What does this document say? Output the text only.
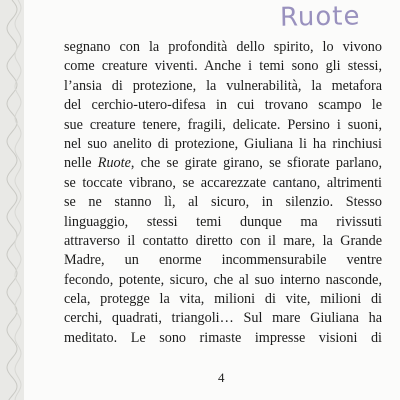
Ruote
segnano con la profondità dello spirito, lo vivono
come creature viventi. Anche i temi sono gli stessi,
l’ansia di protezione, la vulnerabilità, la metafora
del cerchio-utero-difesa in cui trovano scampo le
sue creature tenere, fragili, delicate. Persino i suoni,
nel suo anelito di protezione, Giuliana li ha rinchiusi
nelle Ruote, che se girate girano, se sfiorate parlano,
se toccate vibrano, se accarezzate cantano, altrimenti
se ne stanno lì, al sicuro, in silenzio. Stesso
linguaggio, stessi temi dunque ma rivissuti
attraverso il contatto diretto con il mare, la Grande
Madre, un enorme incommensurabile ventre
fecondo, potente, sicuro, che al suo interno nasconde,
cela, protegge la vita, milioni di vite, milioni di
cerchi, quadrati, triangoli… Sul mare Giuliana ha
meditato. Le sono rimaste impresse visioni di
4
